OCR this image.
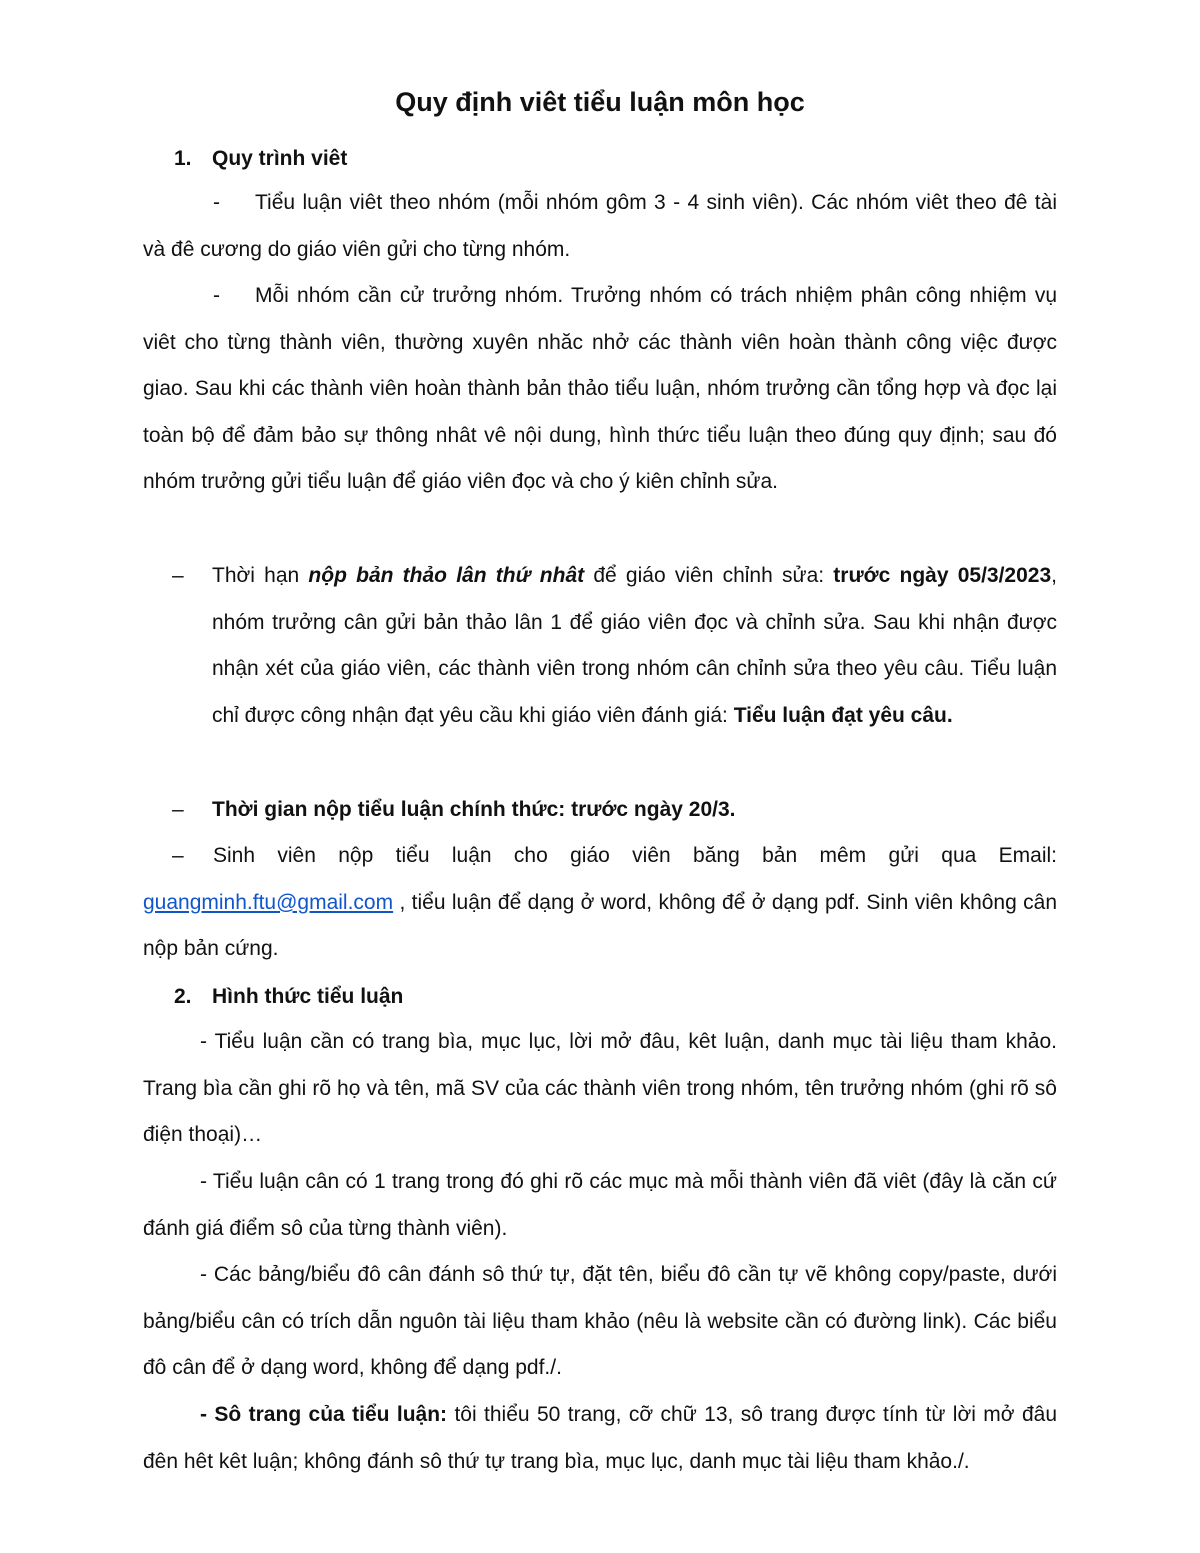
Quy định viêt tiểu luận môn học
1. Quy trình viêt
- Tiểu luận viêt theo nhóm (mỗi nhóm gôm 3 - 4 sinh viên). Các nhóm viêt theo đê tài và đê cương do giáo viên gửi cho từng nhóm.
- Mỗi nhóm cần cử trưởng nhóm. Trưởng nhóm có trách nhiệm phân công nhiệm vụ viêt cho từng thành viên, thường xuyên nhăc nhở các thành viên hoàn thành công việc được giao. Sau khi các thành viên hoàn thành bản thảo tiểu luận, nhóm trưởng cần tổng hợp và đọc lại toàn bộ để đảm bảo sự thông nhât vê nội dung, hình thức tiểu luận theo đúng quy định; sau đó nhóm trưởng gửi tiểu luận để giáo viên đọc và cho ý kiên chỉnh sửa.
–	Thời hạn nộp bản thảo lân thứ nhât để giáo viên chỉnh sửa: trước ngày 05/3/2023, nhóm trưởng cân gửi bản thảo lân 1 để giáo viên đọc và chỉnh sửa. Sau khi nhận được nhận xét của giáo viên, các thành viên trong nhóm cân chỉnh sửa theo yêu câu. Tiểu luận chỉ được công nhận đạt yêu cầu khi giáo viên đánh giá: Tiểu luận đạt yêu câu.
–	Thời gian nộp tiểu luận chính thức: trước ngày 20/3.
–	Sinh viên nộp tiểu luận cho giáo viên băng bản mêm gửi qua Email: guangminh.ftu@gmail.com , tiểu luận để dạng ở word, không để ở dạng pdf. Sinh viên không cân nộp bản cứng.
2. Hình thức tiểu luận
- Tiểu luận cần có trang bìa, mục lục, lời mở đâu, kêt luận, danh mục tài liệu tham khảo. Trang bìa cần ghi rõ họ và tên, mã SV của các thành viên trong nhóm, tên trưởng nhóm (ghi rõ sô điện thoại)…
- Tiểu luận cân có 1 trang trong đó ghi rõ các mục mà mỗi thành viên đã viêt (đây là căn cứ đánh giá điểm sô của từng thành viên).
- Các bảng/biểu đô cân đánh sô thứ tự, đặt tên, biểu đô cần tự vẽ không copy/paste, dưới bảng/biểu cân có trích dẫn nguôn tài liệu tham khảo (nêu là website cần có đường link). Các biểu đô cân để ở dạng word, không để dạng pdf./.
- Sô trang của tiểu luận: tôi thiểu 50 trang, cỡ chữ 13, sô trang được tính từ lời mở đâu đên hêt kêt luận; không đánh sô thứ tự trang bìa, mục lục, danh mục tài liệu tham khảo./.
